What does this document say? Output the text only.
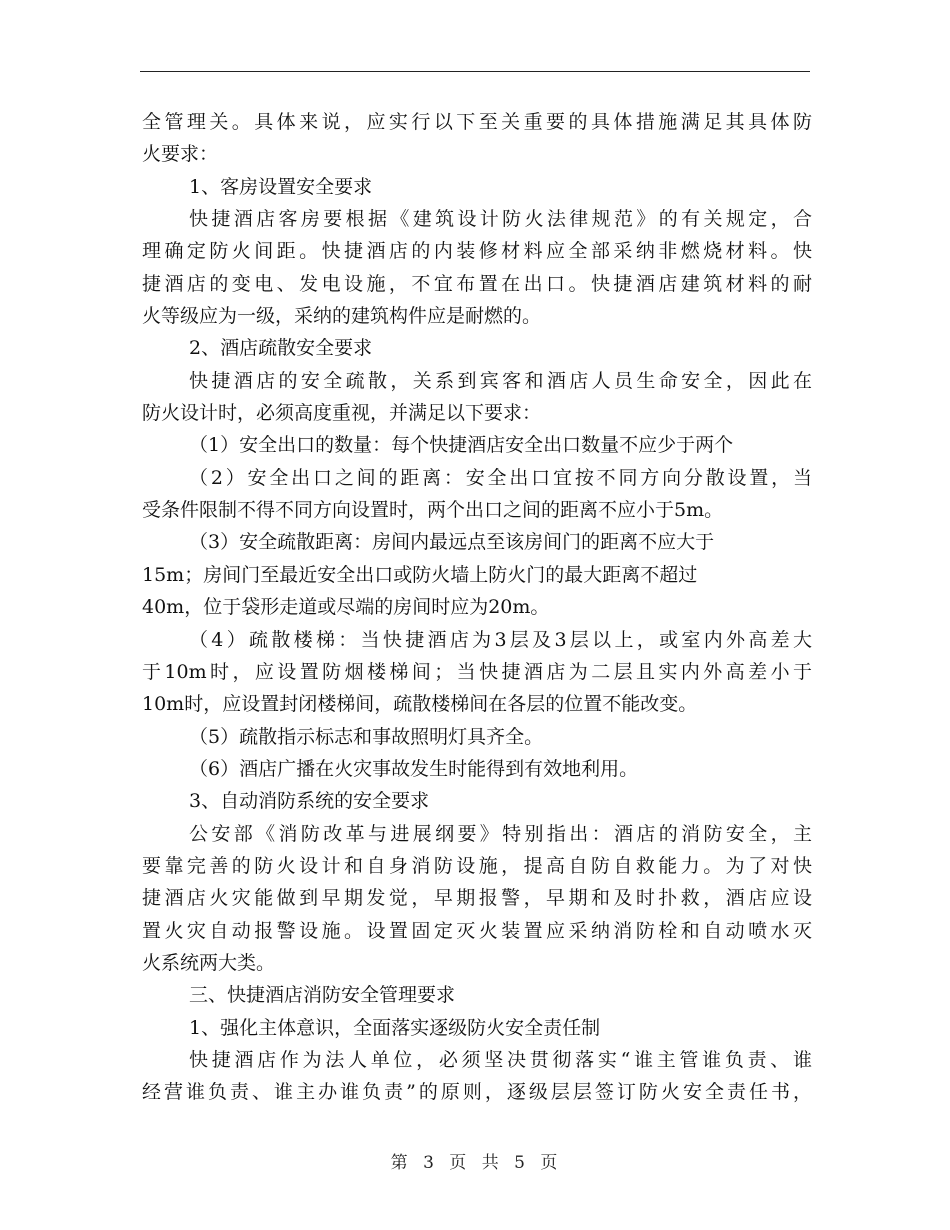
全管理关。具体来说，应实行以下至关重要的具体措施满足其具体防
火要求：
1、客房设置安全要求
快捷酒店客房要根据《建筑设计防火法律规范》的有关规定，合
理确定防火间距。快捷酒店的内装修材料应全部采纳非燃烧材料。快
捷酒店的变电、发电设施，不宜布置在出口。快捷酒店建筑材料的耐
火等级应为一级，采纳的建筑构件应是耐燃的。
2、酒店疏散安全要求
快捷酒店的安全疏散，关系到宾客和酒店人员生命安全，因此在
防火设计时，必须高度重视，并满足以下要求：
（1）安全出口的数量：每个快捷酒店安全出口数量不应少于两个
（2）安全出口之间的距离：安全出口宜按不同方向分散设置，当
受条件限制不得不同方向设置时，两个出口之间的距离不应小于5m。
（3）安全疏散距离：房间内最远点至该房间门的距离不应大于
15m；房间门至最近安全出口或防火墙上防火门的最大距离不超过
40m，位于袋形走道或尽端的房间时应为20m。
（4）疏散楼梯：当快捷酒店为3层及3层以上，或室内外高差大
于10m时，应设置防烟楼梯间；当快捷酒店为二层且实内外高差小于
10m时，应设置封闭楼梯间，疏散楼梯间在各层的位置不能改变。
（5）疏散指示标志和事故照明灯具齐全。
（6）酒店广播在火灾事故发生时能得到有效地利用。
3、自动消防系统的安全要求
公安部《消防改革与进展纲要》特别指出：酒店的消防安全，主
要靠完善的防火设计和自身消防设施，提高自防自救能力。为了对快
捷酒店火灾能做到早期发觉，早期报警，早期和及时扑救，酒店应设
置火灾自动报警设施。设置固定灭火装置应采纳消防栓和自动喷水灭
火系统两大类。
三、快捷酒店消防安全管理要求
1、强化主体意识，全面落实逐级防火安全责任制
快捷酒店作为法人单位，必须坚决贯彻落实“谁主管谁负责、谁
经营谁负责、谁主办谁负责”的原则，逐级层层签订防火安全责任书，
第 3 页 共 5 页
